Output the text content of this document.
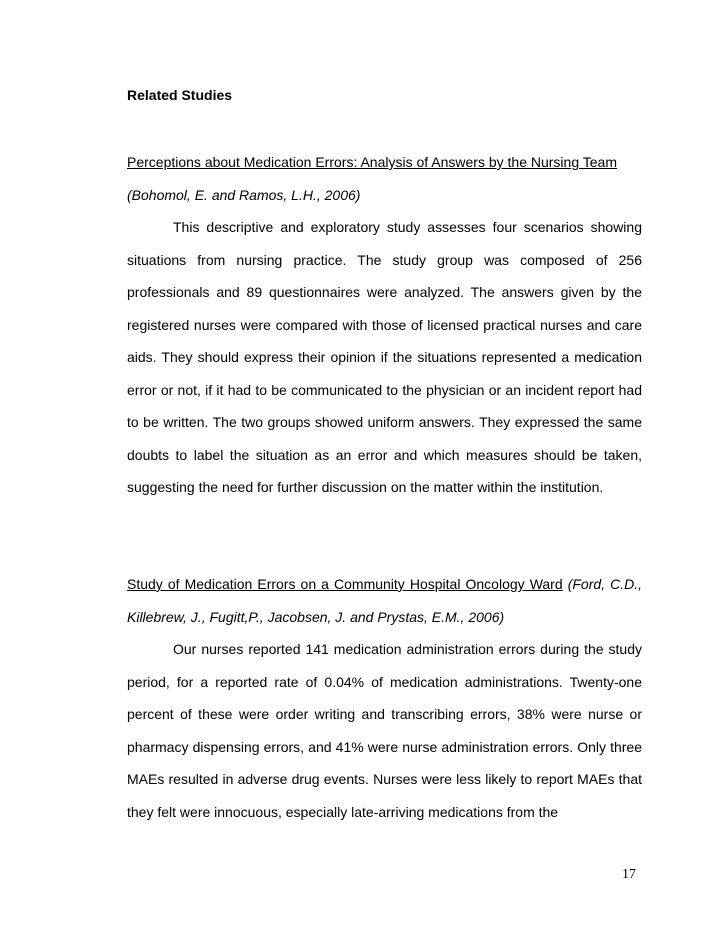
Related Studies
Perceptions about Medication Errors: Analysis of Answers by the Nursing Team

(Bohomol, E. and Ramos, L.H., 2006)

This descriptive and exploratory study assesses four scenarios showing situations from nursing practice. The study group was composed of 256 professionals and 89 questionnaires were analyzed. The answers given by the registered nurses were compared with those of licensed practical nurses and care aids. They should express their opinion if the situations represented a medication error or not, if it had to be communicated to the physician or an incident report had to be written. The two groups showed uniform answers. They expressed the same doubts to label the situation as an error and which measures should be taken, suggesting the need for further discussion on the matter within the institution.

Study of Medication Errors on a Community Hospital Oncology Ward (Ford, C.D., Killebrew, J., Fugitt,P., Jacobsen, J. and Prystas, E.M., 2006)

Our nurses reported 141 medication administration errors during the study period, for a reported rate of 0.04% of medication administrations. Twenty-one percent of these were order writing and transcribing errors, 38% were nurse or pharmacy dispensing errors, and 41% were nurse administration errors. Only three MAEs resulted in adverse drug events. Nurses were less likely to report MAEs that they felt were innocuous, especially late-arriving medications from the

17
